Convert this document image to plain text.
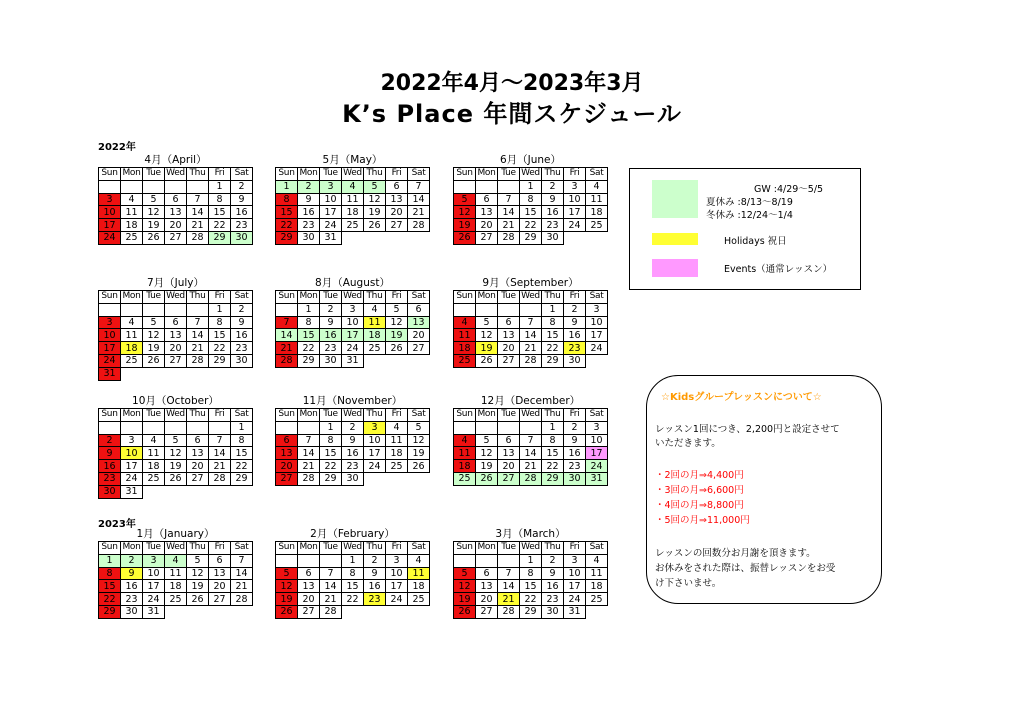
2022年4月～2023年3月
K’s Place 年間スケジュール
2022年
2023年
4月（April）
Sun	Mon	Tue	Wed	Thu	Fri	Sat
					1	2
3	4	5	6	7	8	9
10	11	12	13	14	15	16
17	18	19	20	21	22	23
24	25	26	27	28	29	30
5月（May）
Sun	Mon	Tue	Wed	Thu	Fri	Sat
1	2	3	4	5	6	7
8	9	10	11	12	13	14
15	16	17	18	19	20	21
22	23	24	25	26	27	28
29	30	31				
6月（June）
Sun	Mon	Tue	Wed	Thu	Fri	Sat
			1	2	3	4
5	6	7	8	9	10	11
12	13	14	15	16	17	18
19	20	21	22	23	24	25
26	27	28	29	30		
7月（July）
Sun	Mon	Tue	Wed	Thu	Fri	Sat
					1	2
3	4	5	6	7	8	9
10	11	12	13	14	15	16
17	18	19	20	21	22	23
24	25	26	27	28	29	30
31						
8月（August）
Sun	Mon	Tue	Wed	Thu	Fri	Sat
	1	2	3	4	5	6
7	8	9	10	11	12	13
14	15	16	17	18	19	20
21	22	23	24	25	26	27
28	29	30	31			
9月（September）
Sun	Mon	Tue	Wed	Thu	Fri	Sat
				1	2	3
4	5	6	7	8	9	10
11	12	13	14	15	16	17
18	19	20	21	22	23	24
25	26	27	28	29	30	
10月（October）
Sun	Mon	Tue	Wed	Thu	Fri	Sat
						1
2	3	4	5	6	7	8
9	10	11	12	13	14	15
16	17	18	19	20	21	22
23	24	25	26	27	28	29
30	31					
11月（November）
Sun	Mon	Tue	Wed	Thu	Fri	Sat
		1	2	3	4	5
6	7	8	9	10	11	12
13	14	15	16	17	18	19
20	21	22	23	24	25	26
27	28	29	30			
12月（December）
Sun	Mon	Tue	Wed	Thu	Fri	Sat
				1	2	3
4	5	6	7	8	9	10
11	12	13	14	15	16	17
18	19	20	21	22	23	24
25	26	27	28	29	30	31
1月（January）
Sun	Mon	Tue	Wed	Thu	Fri	Sat
1	2	3	4	5	6	7
8	9	10	11	12	13	14
15	16	17	18	19	20	21
22	23	24	25	26	27	28
29	30	31				
2月（February）
Sun	Mon	Tue	Wed	Thu	Fri	Sat
			1	2	3	4
5	6	7	8	9	10	11
12	13	14	15	16	17	18
19	20	21	22	23	24	25
26	27	28				
3月（March）
Sun	Mon	Tue	Wed	Thu	Fri	Sat
			1	2	3	4
5	6	7	8	9	10	11
12	13	14	15	16	17	18
19	20	21	22	23	24	25
26	27	28	29	30	31	
GW :4/29～5/5
夏休み :8/13～8/19
冬休み :12/24～1/4
Holidays 祝日
Events（通常レッスン）
☆Kidsグループレッスンについて☆
レッスン1回につき、2,200円と設定させて
いただきます。
・2回の月⇒4,400円
・3回の月⇒6,600円
・4回の月⇒8,800円
・5回の月⇒11,000円
レッスンの回数分お月謝を頂きます。
お休みをされた際は、振替レッスンをお受
け下さいませ。
